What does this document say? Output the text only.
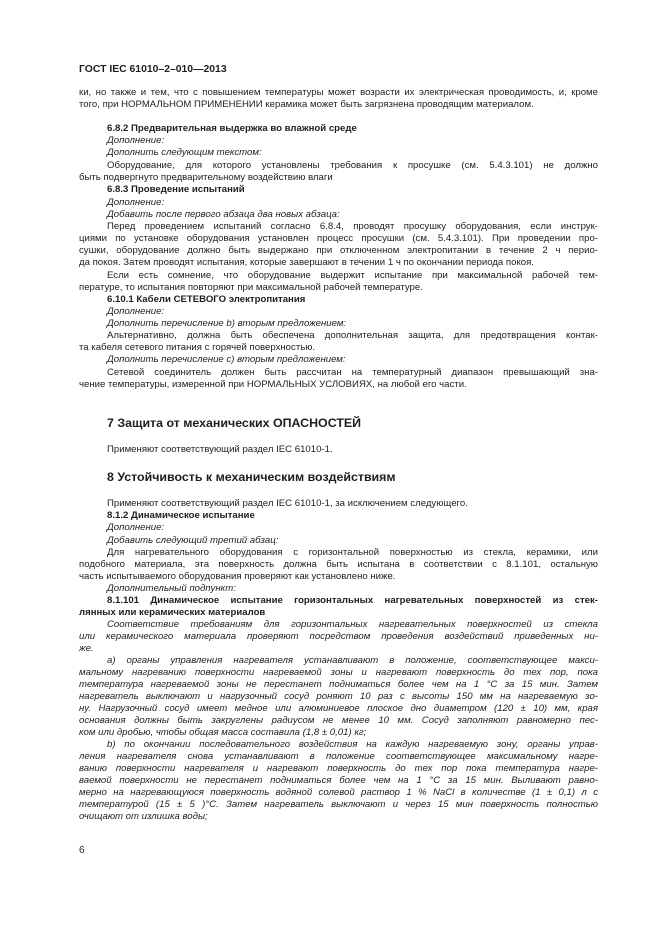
ГОСТ IEC 61010–2–010—2013
ки, но также и тем, что с повышением температуры может возрасти их электрическая проводимость, и, кроме
того, при НОРМАЛЬНОМ ПРИМЕНЕНИИ керамика может быть загрязнена проводящим материалом.
6.8.2 Предварительная выдержка во влажной среде
Дополнение:
Дополнить следующим текстом:
Оборудование, для которого установлены требования к просушке (см. 5.4.3.101) не должно
быть подвергнуто предварительному воздействию влаги
6.8.3 Проведение испытаний
Дополнение:
Добавить после первого абзаца два новых абзаца:
Перед проведением испытаний согласно 6.8.4, проводят просушку оборудования, если инструк-
циями по установке оборудования установлен процесс просушки (см. 5.4.3.101). При проведении про-
сушки, оборудование должно быть выдержано при отключенном электропитании в течение 2 ч перио-
да покоя. Затем проводят испытания, которые завершают в течении 1 ч по окончании периода покоя.
Если есть сомнение, что оборудование выдержит испытание при максимальной рабочей тем-
пературе, то испытания повторяют при максимальной рабочей температуре.
6.10.1 Кабели СЕТЕВОГО электропитания
Дополнение:
Дополнить перечисление b) вторым предложением:
Альтернативно, должна быть обеспечена дополнительная защита, для предотвращения контак-
та кабеля сетевого питания с горячей поверхностью.
Дополнить перечисление c) вторым предложением:
Сетевой соединитель должен быть рассчитан на температурный диапазон превышающий зна-
чение температуры, измеренной при НОРМАЛЬНЫХ УСЛОВИЯХ, на любой его части.
7 Защита от механических ОПАСНОСТЕЙ
Применяют соответствующий раздел IEC 61010-1.
8 Устойчивость к механическим воздействиям
Применяют соответствующий раздел IEC 61010-1, за исключением следующего.
8.1.2 Динамическое испытание
Дополнение:
Добавить следующий третий абзац:
Для нагревательного оборудования с горизонтальной поверхностью из стекла, керамики, или
подобного материала, эта поверхность должна быть испытана в соответствии с 8.1.101, остальную
часть испытываемого оборудования проверяют как установлено ниже.
Дополнительный подпункт:
8.1.101 Динамическое испытание горизонтальных нагревательных поверхностей из стек-
лянных или керамических материалов
Соответствие требованиям для горизонтальных нагревательных поверхностей из стекла
или керамического материала проверяют посредством проведения воздействий приведенных ни-
же.
а) органы управления нагревателя устанавливают в положение, соответствующее макси-
мальному нагреванию поверхности нагреваемой зоны и нагревают поверхность до тех пор, пока
температура нагреваемой зоны не перестанет подниматься более чем на 1 °С за 15 мин. Затем
нагреватель выключают и нагрузочный сосуд роняют 10 раз с высоты 150 мм на нагреваемую зо-
ну. Нагрузочный сосуд имеет медное или алюминиевое плоское дно диаметром (120 ± 10) мм, края
основания должны быть закруглены радиусом не менее 10 мм. Сосуд заполняют равномерно пес-
ком или дробью, чтобы общая масса составила (1,8 ± 0,01) кг;
b) по окончании последовательного воздействия на каждую нагреваемую зону, органы управ-
ления нагревателя снова устанавливают в положение соответствующее максимальному нагре-
ванию поверхности нагревателя и нагревают поверхность до тех пор пока температура нагре-
ваемой поверхности не перестанет подниматься более чем на 1 °С за 15 мин. Выливают равно-
мерно на нагревающуюся поверхность водяной солевой раствор 1 % NaCl в количестве (1 ± 0,1) л с
температурой (15 ± 5 )°С. Затем нагреватель выключают и через 15 мин поверхность полностью
очищают от излишка воды;
6
